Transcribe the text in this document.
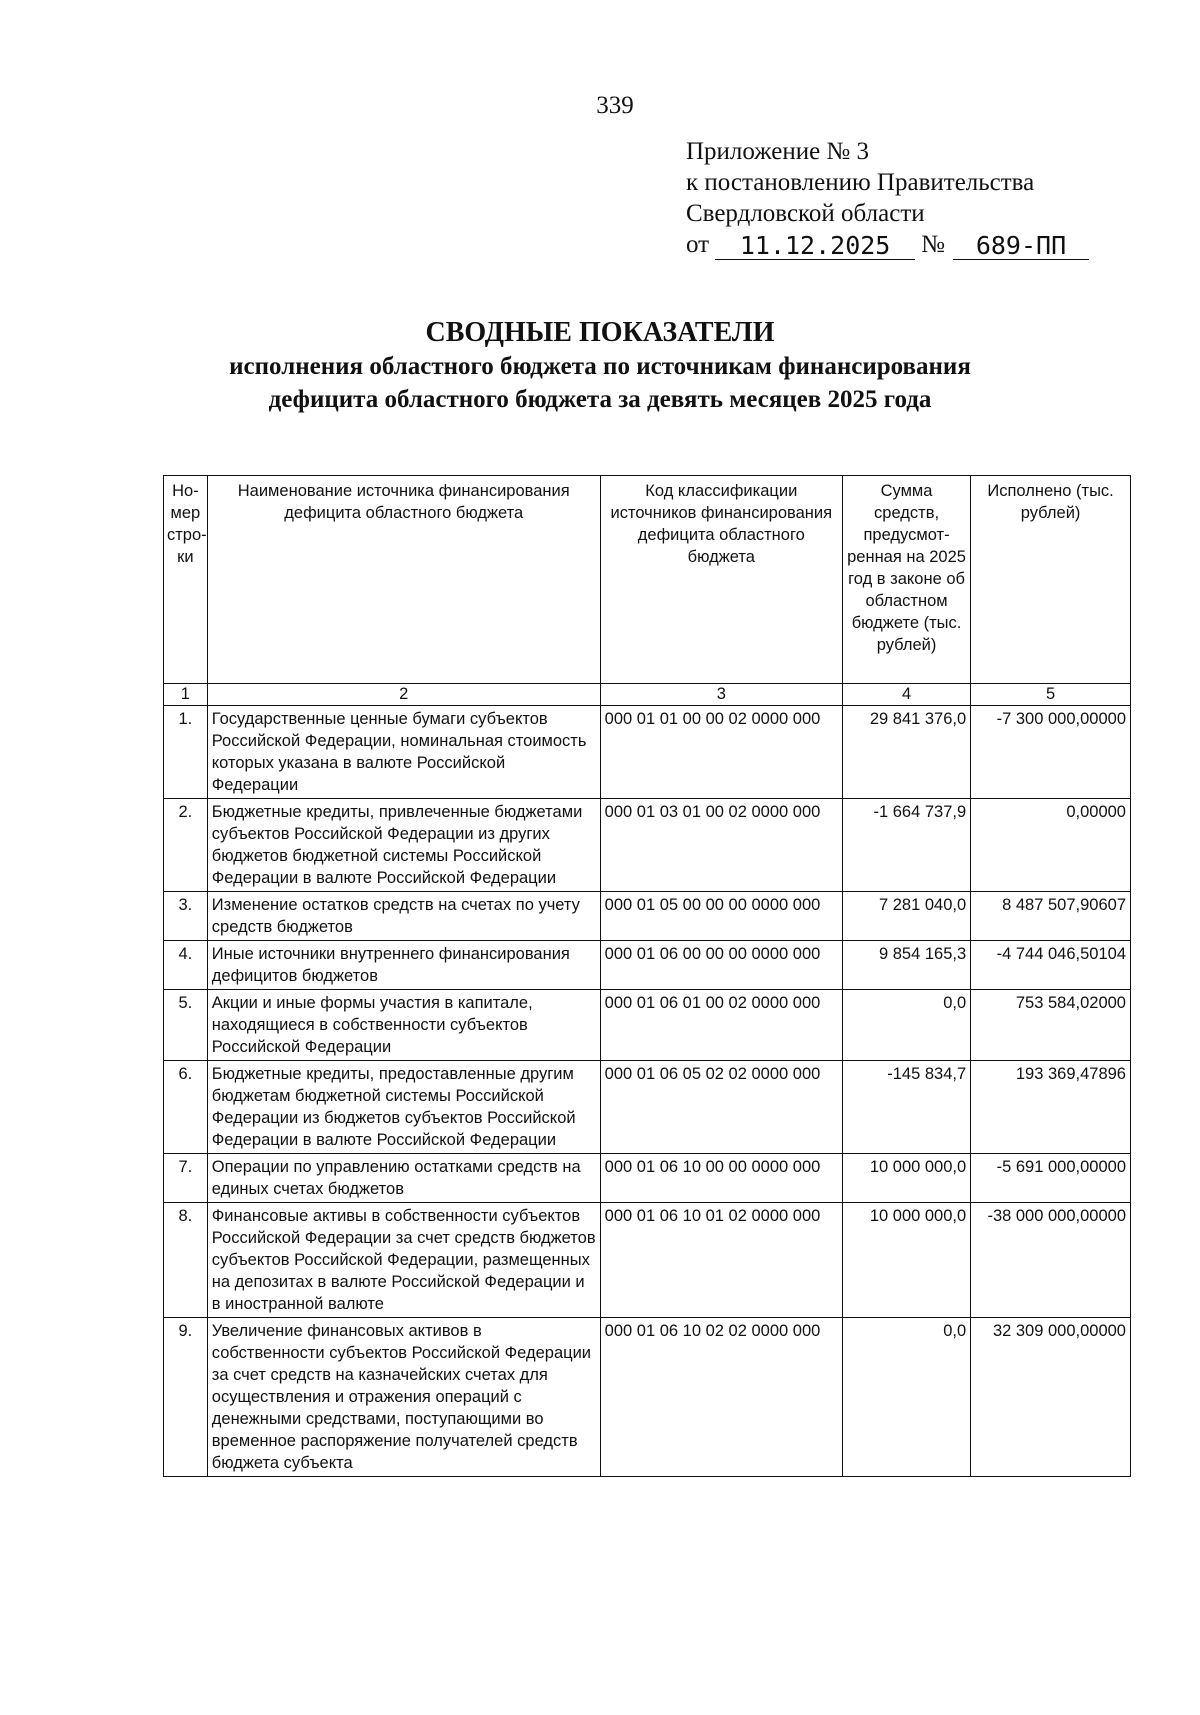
339
Приложение № 3
к постановлению Правительства
Свердловской области
от	11.12.2025	№	689-ПП
СВОДНЫЕ ПОКАЗАТЕЛИ
исполнения областного бюджета по источникам финансирования
дефицита областного бюджета за девять месяцев 2025 года
Но-мер стро-ки	Наименование источника финансирования дефицита областного бюджета	Код классификации источников финансирования дефицита областного бюджета	Сумма средств, предусмот-ренная на 2025 год в законе об областном бюджете (тыс. рублей)	Исполнено (тыс. рублей)
1	2	3	4	5
1.	Государственные ценные бумаги субъектов Российской Федерации, номинальная стоимость которых указана в валюте Российской Федерации	000 01 01 00 00 02 0000 000	29 841 376,0	-7 300 000,00000
2.	Бюджетные кредиты, привлеченные бюджетами субъектов Российской Федерации из других бюджетов бюджетной системы Российской Федерации в валюте Российской Федерации	000 01 03 01 00 02 0000 000	-1 664 737,9	0,00000
3.	Изменение остатков средств на счетах по учету средств бюджетов	000 01 05 00 00 00 0000 000	7 281 040,0	8 487 507,90607
4.	Иные источники внутреннего финансирования дефицитов бюджетов	000 01 06 00 00 00 0000 000	9 854 165,3	-4 744 046,50104
5.	Акции и иные формы участия в капитале, находящиеся в собственности субъектов Российской Федерации	000 01 06 01 00 02 0000 000	0,0	753 584,02000
6.	Бюджетные кредиты, предоставленные другим бюджетам бюджетной системы Российской Федерации из бюджетов субъектов Российской Федерации в валюте Российской Федерации	000 01 06 05 02 02 0000 000	-145 834,7	193 369,47896
7.	Операции по управлению остатками средств на единых счетах бюджетов	000 01 06 10 00 00 0000 000	10 000 000,0	-5 691 000,00000
8.	Финансовые активы в собственности субъектов Российской Федерации за счет средств бюджетов субъектов Российской Федерации, размещенных на депозитах в валюте Российской Федерации и в иностранной валюте	000 01 06 10 01 02 0000 000	10 000 000,0	-38 000 000,00000
9.	Увеличение финансовых активов в собственности субъектов Российской Федерации за счет средств на казначейских счетах для осуществления и отражения операций с денежными средствами, поступающими во временное распоряжение получателей средств бюджета субъекта	000 01 06 10 02 02 0000 000	0,0	32 309 000,00000
